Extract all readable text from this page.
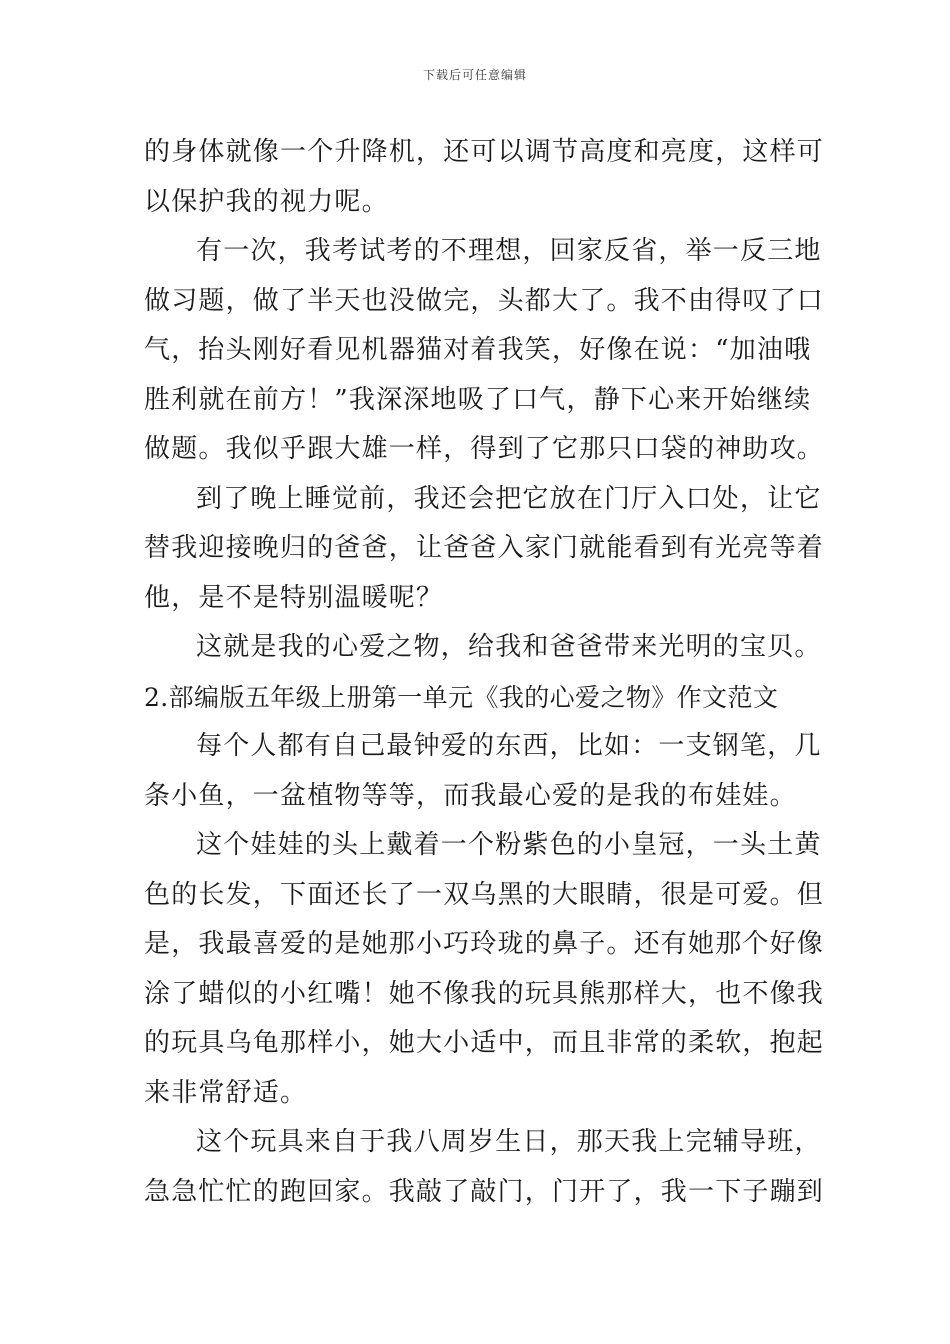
下载后可任意编辑
的身体就像一个升降机，还可以调节高度和亮度，这样可
以保护我的视力呢。
有一次，我考试考的不理想，回家反省，举一反三地
做习题，做了半天也没做完，头都大了。我不由得叹了口
气，抬头刚好看见机器猫对着我笑，好像在说：“加油哦
胜利就在前方！”我深深地吸了口气，静下心来开始继续
做题。我似乎跟大雄一样，得到了它那只口袋的神助攻。
到了晚上睡觉前，我还会把它放在门厅入口处，让它
替我迎接晚归的爸爸，让爸爸入家门就能看到有光亮等着
他，是不是特别温暖呢？
这就是我的心爱之物，给我和爸爸带来光明的宝贝。
2.部编版五年级上册第一单元《我的心爱之物》作文范文
每个人都有自己最钟爱的东西，比如：一支钢笔，几
条小鱼，一盆植物等等，而我最心爱的是我的布娃娃。
这个娃娃的头上戴着一个粉紫色的小皇冠，一头土黄
色的长发，下面还长了一双乌黑的大眼睛，很是可爱。但
是，我最喜爱的是她那小巧玲珑的鼻子。还有她那个好像
涂了蜡似的小红嘴！她不像我的玩具熊那样大，也不像我
的玩具乌龟那样小，她大小适中，而且非常的柔软，抱起
来非常舒适。
这个玩具来自于我八周岁生日，那天我上完辅导班，
急急忙忙的跑回家。我敲了敲门，门开了，我一下子蹦到
